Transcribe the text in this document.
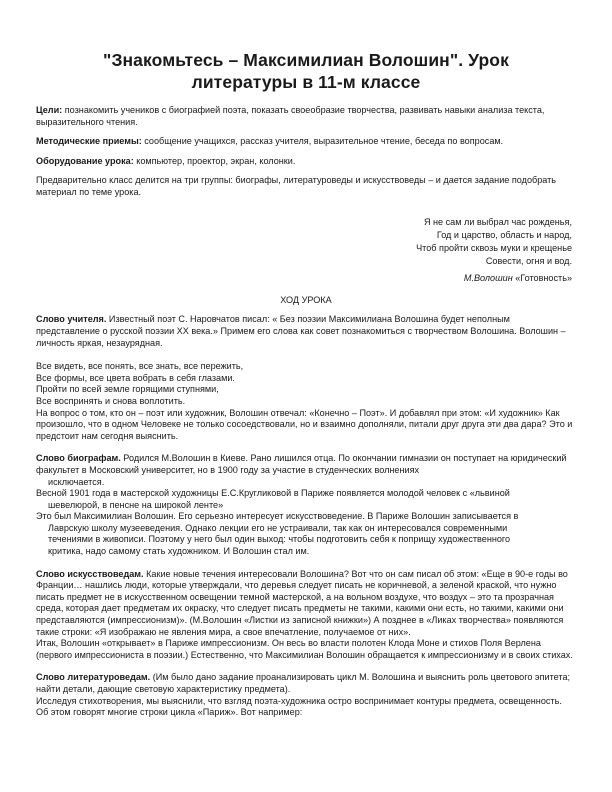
"Знакомьтесь – Максимилиан Волошин". Урок
литературы в 11-м классе

Цели: познакомить учеников с биографией поэта, показать своеобразие творчества, развивать навыки анализа текста, выразительного чтения.

Методические приемы: сообщение учащихся, рассказ учителя, выразительное чтение, беседа по вопросам.

Оборудование урока: компьютер, проектор, экран, колонки.

Предварительно класс делится на три группы: биографы, литературоведы и искусствоведы – и дается задание подобрать материал по теме урока.

Я не сам ли выбрал час рожденья,
Год и царство, область и народ,
Чтоб пройти сквозь муки и крещенье
Совести, огня и вод.
М.Волошин «Готовность»
ХОД УРОКА

Слово учителя. Известный поэт С. Наровчатов писал: « Без поэзии Максимилиана Волошина будет неполным представление о русской поэзии XX века.» Примем его слова как совет познакомиться с творчеством Волошина. Волошин – личность яркая, незаурядная.

Все видеть, все понять, все знать, все пережить,
Все формы, все цвета вобрать в себя глазами.
Пройти по всей земле горящими ступнями,
Все воспринять и снова воплотить.
На вопрос о том, кто он – поэт или художник, Волошин отвечал: «Конечно – Поэт». И добавлял при этом: «И художник» Как произошло, что в одном Человеке не только сосоедствовали, но и взаимно дополняли, питали друг друга эти два дара? Это и предстоит нам сегодня выяснить.

Слово биографам. Родился М.Волошин в Киеве. Рано лишился отца. По окончании гимназии он поступает на юридический факультет в Московский университет, но в 1900 году за участие в студенческих волнениях
исключается.
Весной 1901 года в мастерской художницы Е.С.Кругликовой в Париже появляется молодой человек с «львиной
шевелюрой, в пенсне на широкой ленте»
Это был Максимилиан Волошин. Его серьезно интересует искусствоведение. В Париже Волошин записывается в
Лаврскую школу музееведения. Однако лекции его не устраивали, так как он интересовался современными
течениями в живописи. Поэтому у него был один выход: чтобы подготовить себя к поприщу художественного
критика, надо самому стать художником. И Волошин стал им.

Слово искусствоведам. Какие новые течения интересовали Волошина? Вот что он сам писал об этом: «Еще в 90-е годы во Франции… нашлись люди, которые утверждали, что деревья следует писать не коричневой, а зеленой краской, что нужно писать предмет не в искусственном освещении темной мастерской, а на вольном воздухе, что воздух – это та прозрачная среда, которая дает предметам их окраску, что следует писать предметы не такими, какими они есть, но такими, какими они представляются (импрессионизм)». (М.Волошин «Листки из записной книжки») А позднее в «Ликах творчества» появляются такие строки: «Я изображаю не явления мира, а свое впечатление, получаемое от них».
Итак, Волошин «открывает» в Париже импрессионизм. Он весь во власти полотен Клода Моне и стихов Поля Верлена (первого импрессиониста в поэзии.) Естественно, что Максимилиан Волошин обращается к импрессионизму и в своих стихах.

Слово литературоведам. (Им было дано задание проанализировать цикл М. Волошина и выяснить роль цветового эпитета; найти детали, дающие световую характеристику предмета).
Исследуя стихотворения, мы выяснили, что взгляд поэта-художника остро воспринимает контуры предмета, освещенность. Об этом говорят многие строки цикла «Париж». Вот например:
